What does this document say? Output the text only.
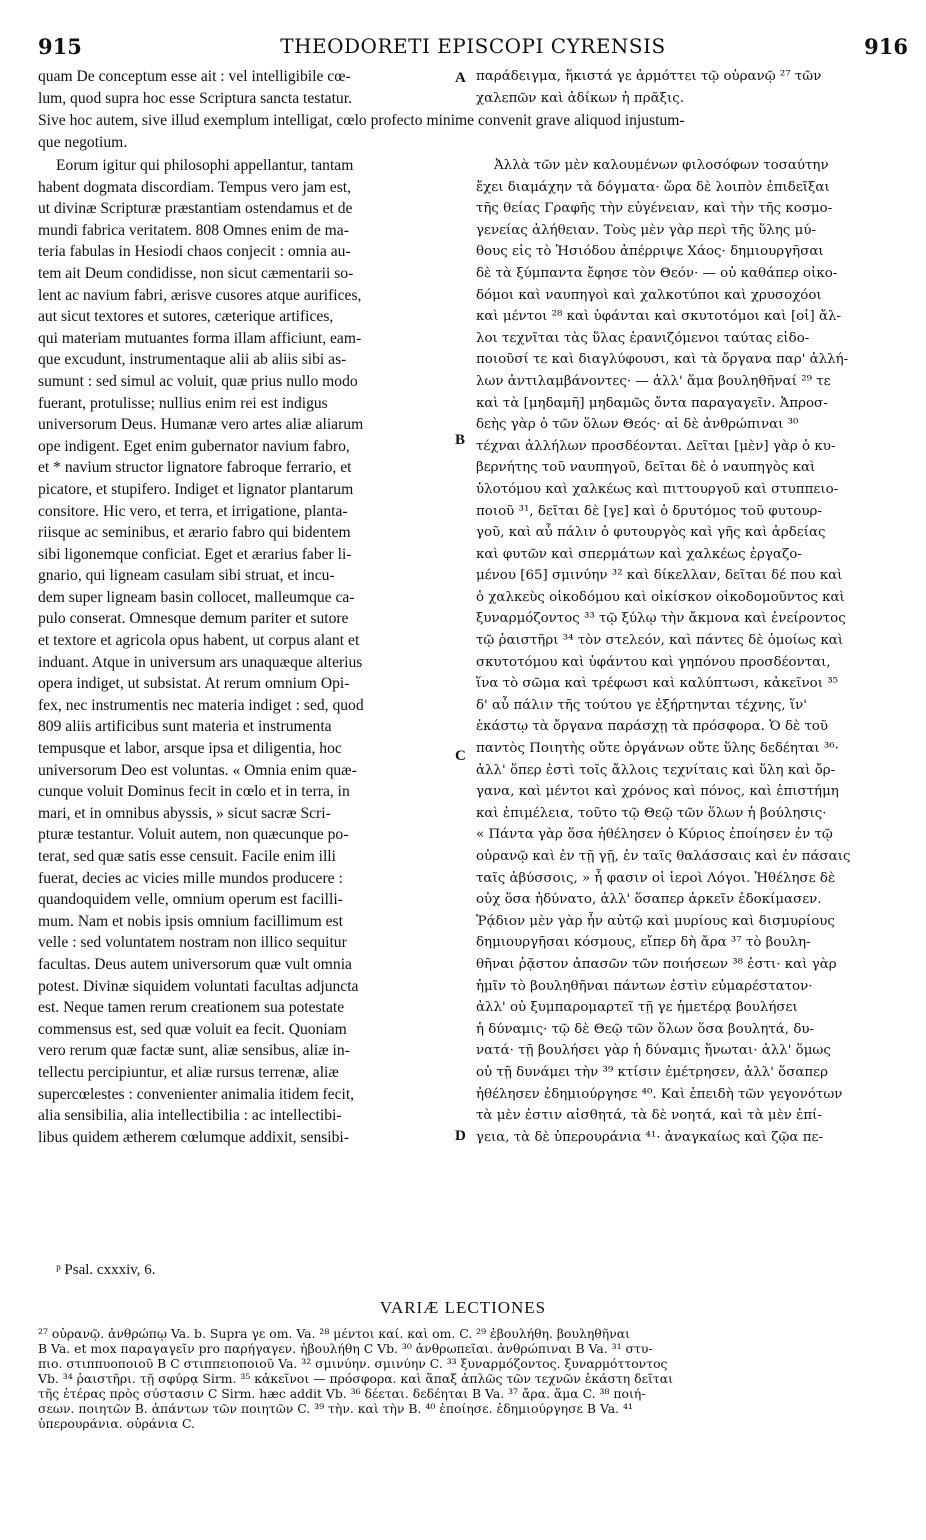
915	THEODORETI EPISCOPI CYRENSIS	916
quam De conceptum esse ait : vel intelligibile cœ-
lum, quod supra hoc esse Scriptura sancta testatur.
παράδειγμα, ἥκιστά γε ἁρμόττει τῷ οὐρανῷ ²⁷ τῶν
χαλεπῶν καὶ ἀδίκων ἡ πρᾶξις.
Sive hoc autem, sive illud exemplum intelligat, cœlo profecto minime convenit grave aliquod injustum-
que negotium.
Eorum igitur qui philosophi appellantur, tantam
habent dogmata discordiam. Tempus vero jam est,
ut divinæ Scripturæ præstantiam ostendamus et de
mundi fabrica veritatem. 808 Omnes enim de ma-
teria fabulas in Hesiodi chaos conjecit : omnia au-
tem ait Deum condidisse, non sicut cæmentarii so-
lent ac navium fabri, ærisve cusores atque aurifices,
aut sicut textores et sutores, cæterique artifices,
qui materiam mutuantes forma illam afficiunt, eam-
que excudunt, instrumentaque alii ab aliis sibi as-
sumunt : sed simul ac voluit, quæ prius nullo modo
fuerant, protulisse; nullius enim rei est indigus
universorum Deus. Humanæ vero artes aliæ aliarum
ope indigent. Eget enim gubernator navium fabro,
et * navium structor lignatore fabroque ferrario, et
picatore, et stupifero. Indiget et lignator plantarum
consitore. Hic vero, et terra, et irrigatione, planta-
riisque ac seminibus, et ærario fabro qui bidentem
sibi ligonemque conficiat. Eget et ærarius faber li-
gnario, qui ligneam casulam sibi struat, et incu-
dem super ligneam basin collocet, malleumque ca-
pulo conserat. Omnesque demum pariter et sutore
et textore et agricola opus habent, ut corpus alant et
induant. Atque in universum ars unaquæque alterius
opera indiget, ut subsistat. At rerum omnium Opi-
fex, nec instrumentis nec materia indiget : sed, quod
809 aliis artificibus sunt materia et instrumenta
tempusque et labor, arsque ipsa et diligentia, hoc
universorum Deo est voluntas. « Omnia enim quæ-
cunque voluit Dominus fecit in cœlo et in terra, in
mari, et in omnibus abyssis, » sicut sacræ Scri-
pturæ testantur. Voluit autem, non quæcunque po-
terat, sed quæ satis esse censuit. Facile enim illi
fuerat, decies ac vicies mille mundos producere :
quandoquidem velle, omnium operum est facilli-
mum. Nam et nobis ipsis omnium facillimum est
velle : sed voluntatem nostram non illico sequitur
facultas. Deus autem universorum quæ vult omnia
potest. Divinæ siquidem voluntati facultas adjuncta
est. Neque tamen rerum creationem sua potestate
commensus est, sed quæ voluit ea fecit. Quoniam
vero rerum quæ factæ sunt, aliæ sensibus, aliæ in-
tellectu percipiuntur, et aliæ rursus terrenæ, aliæ
supercœlestes : convenienter animalia itidem fecit,
alia sensibilia, alia intellectibilia : ac intellectibi-
libus quidem ætherem cœlumque addixit, sensibi-
Ἀλλὰ τῶν μὲν καλουμένων φιλοσόφων τοσαύτην
ἔχει διαμάχην τὰ δόγματα· ὥρα δὲ λοιπὸν ἐπιδεῖξαι
τῆς θείας Γραφῆς τὴν εὐγένειαν, καὶ τὴν τῆς κοσμο-
γενείας ἀλήθειαν. Τοὺς μὲν γὰρ περὶ τῆς ὕλης μύ-
θους εἰς τὸ Ἡσιόδου ἀπέρριψε Χάος· δημιουργῆσαι
δὲ τὰ ξύμπαντα ἔφησε τὸν Θεόν· — οὐ καθάπερ οἰκο-
δόμοι καὶ ναυπηγοὶ καὶ χαλκοτύποι καὶ χρυσοχόοι
καὶ μέντοι ²⁸ καὶ ὑφάνται καὶ σκυτοτόμοι καὶ [οἱ] ἄλ-
λοι τεχνῖται τὰς ὕλας ἐρανιζόμενοι ταύτας εἰδο-
ποιοῦσί τε καὶ διαγλύφουσι, καὶ τὰ ὄργανα παρ' ἀλλή-
λων ἀντιλαμβάνοντες· — ἀλλ' ἅμα βουληθῆναί ²⁹ τε
καὶ τὰ [μηδαμῆ] μηδαμῶς ὄντα παραγαγεῖν. Ἀπροσ-
δεὴς γὰρ ὁ τῶν ὅλων Θεός· αἱ δὲ ἀνθρώπιναι ³⁰
τέχναι ἀλλήλων προσδέονται. Δεῖται [μὲν] γὰρ ὁ κυ-
βερνήτης τοῦ ναυπηγοῦ, δεῖται δὲ ὁ ναυπηγὸς καὶ
ὑλοτόμου καὶ χαλκέως καὶ πιττουργοῦ καὶ στυππειο-
ποιοῦ ³¹, δεῖται δὲ [γε] καὶ ὁ δρυτόμος τοῦ φυτουρ-
γοῦ, καὶ αὖ πάλιν ὁ φυτουργὸς καὶ γῆς καὶ ἀρδείας
καὶ φυτῶν καὶ σπερμάτων καὶ χαλκέως ἐργαζο-
μένου [65] σμινύην ³² καὶ δίκελλαν, δεῖται δέ που καὶ
ὁ χαλκεὺς οἰκοδόμου καὶ οἰκίσκον οἰκοδομοῦντος καὶ
ξυναρμόζοντος ³³ τῷ ξύλῳ τὴν ἄκμονα καὶ ἐνείροντος
τῷ ῥαιστῆρι ³⁴ τὸν στελεόν, καὶ πάντες δὲ ὁμοίως καὶ
σκυτοτόμου καὶ ὑφάντου καὶ γηπόνου προσδέονται,
ἵνα τὸ σῶμα καὶ τρέφωσι καὶ καλύπτωσι, κἀκεῖνοι ³⁵
δ' αὖ πάλιν τῆς τούτου γε ἐξήρτηνται τέχνης, ἵν'
ἑκάστῳ τὰ ὄργανα παράσχῃ τὰ πρόσφορα. Ὁ δὲ τοῦ
παντὸς Ποιητὴς οὔτε ὀργάνων οὔτε ὕλης δεδέηται ³⁶·
ἀλλ' ὅπερ ἐστὶ τοῖς ἄλλοις τεχνίταις καὶ ὕλη καὶ ὄρ-
γανα, καὶ μέντοι καὶ χρόνος καὶ πόνος, καὶ ἐπιστήμη
καὶ ἐπιμέλεια, τοῦτο τῷ Θεῷ τῶν ὅλων ἡ βούλησις·
« Πάντα γὰρ ὅσα ἠθέλησεν ὁ Κύριος ἐποίησεν ἐν τῷ
οὐρανῷ καὶ ἐν τῇ γῇ, ἐν ταῖς θαλάσσαις καὶ ἐν πάσαις
ταῖς ἀβύσσοις, » ἦ φασιν οἱ ἱεροὶ Λόγοι. Ἠθέλησε δὲ
οὐχ ὅσα ἠδύνατο, ἀλλ' ὅσαπερ ἀρκεῖν ἐδοκίμασεν.
Ῥᾴδιον μὲν γὰρ ἦν αὐτῷ καὶ μυρίους καὶ δισμυρίους
δημιουργῆσαι κόσμους, εἴπερ δὴ ἄρα ³⁷ τὸ βουλη-
θῆναι ῥᾷστον ἁπασῶν τῶν ποιήσεων ³⁸ ἐστι· καὶ γὰρ
ἡμῖν τὸ βουληθῆναι πάντων ἐστὶν εὐμαρέστατον·
ἀλλ' οὐ ξυμπαρομαρτεῖ τῇ γε ἡμετέρᾳ βουλήσει
ἡ δύναμις· τῷ δὲ Θεῷ τῶν ὅλων ὅσα βουλητά, δυ-
νατά· τῇ βουλήσει γὰρ ἡ δύναμις ἥνωται· ἀλλ' ὅμως
οὐ τῇ δυνάμει τὴν ³⁹ κτίσιν ἐμέτρησεν, ἀλλ' ὅσαπερ
ἠθέλησεν ἐδημιούργησε ⁴⁰. Καὶ ἐπειδὴ τῶν γεγονότων
τὰ μὲν ἐστιν αἰσθητά, τὰ δὲ νοητά, καὶ τὰ μὲν ἐπί-
γεια, τὰ δὲ ὑπερουράνια ⁴¹· ἀναγκαίως καὶ ζῷα πε-
A
B
C
D
ᵖ Psal. cxxxiv, 6.
VARIÆ LECTIONES
²⁷ οὐρανῷ. ἀνθρώπῳ Va. b. Supra γε om. Va. ²⁸ μέντοι καί. καὶ om. C. ²⁹ ἐβουλήθη. βουληθῆναι
B Va. et mox παραγαγεῖν pro παρήγαγεν. ἠβουλήθη C Vb. ³⁰ ἀνθρωπεῖαι. ἀνθρώπιναι B Va. ³¹ στυ-
πιο. στιππυοποιοῦ B C στιππειοποιοῦ Va. ³² σμινύην. σμινύην C. ³³ ξυναρμόζοντος. ξυναρμόττοντος
Vb. ³⁴ ῥαιστῆρι. τῇ σφύρᾳ Sirm. ³⁵ κἀκεῖνοι — πρόσφορα. καὶ ἅπαξ ἁπλῶς τῶν τεχνῶν ἑκάστη δεῖται
τῆς ἑτέρας πρὸς σύστασιν C Sirm. hæc addit Vb. ³⁶ δέεται. δεδέηται B Va. ³⁷ ἄρα. ἅμα C. ³⁸ ποιή-
σεων. ποιητῶν B. ἁπάντων τῶν ποιητῶν C. ³⁹ τὴν. καὶ τὴν B. ⁴⁰ ἐποίησε. ἐδημιούργησε B Va. ⁴¹
ὑπερουράνια. οὐράνια C.
